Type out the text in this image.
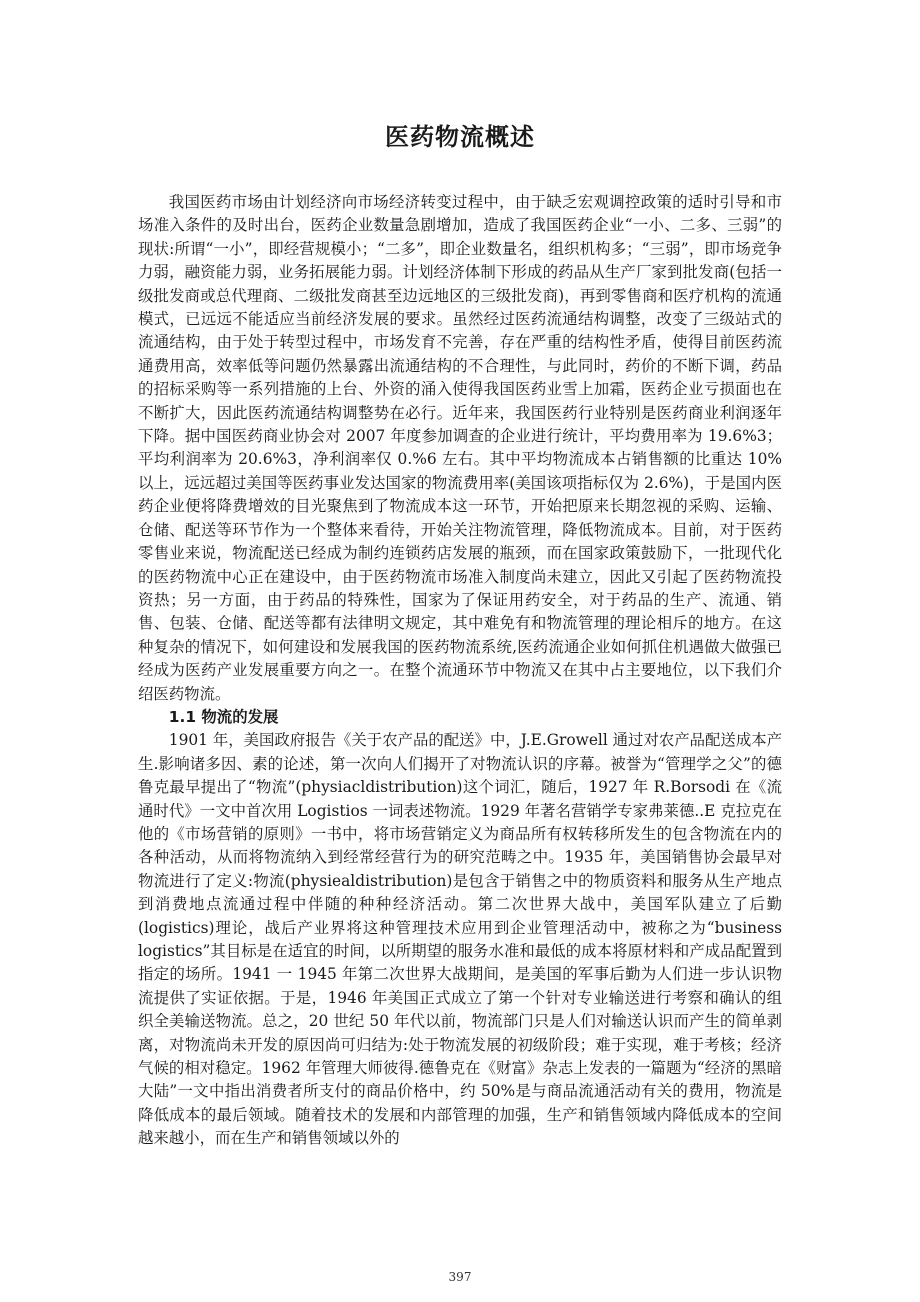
医药物流概述

我国医药市场由计划经济向市场经济转变过程中，由于缺乏宏观调控政策的适时引导和市场准入条件的及时出台，医药企业数量急剧增加，造成了我国医药企业“一小、二多、三弱”的现状:所谓“一小”，即经营规模小；“二多”，即企业数量名，组织机构多；“三弱”，即市场竞争力弱，融资能力弱，业务拓展能力弱。计划经济体制下形成的药品从生产厂家到批发商(包括一级批发商或总代理商、二级批发商甚至边远地区的三级批发商)，再到零售商和医疗机构的流通模式，已远远不能适应当前经济发展的要求。虽然经过医药流通结构调整，改变了三级站式的流通结构，由于处于转型过程中，市场发育不完善，存在严重的结构性矛盾，使得目前医药流通费用高，效率低等问题仍然暴露出流通结构的不合理性，与此同时，药价的不断下调，药品的招标采购等一系列措施的上台、外资的涌入使得我国医药业雪上加霜，医药企业亏损面也在不断扩大，因此医药流通结构调整势在必行。近年来，我国医药行业特别是医药商业利润逐年下降。据中国医药商业协会对 2007 年度参加调查的企业进行统计，平均费用率为 19.6%3；平均利润率为 20.6%3，净利润率仅 0.%6 左右。其中平均物流成本占销售额的比重达 10%以上，远远超过美国等医药事业发达国家的物流费用率(美国该项指标仅为 2.6%)，于是国内医药企业便将降费增效的目光聚焦到了物流成本这一环节，开始把原来长期忽视的采购、运输、仓储、配送等环节作为一个整体来看待，开始关注物流管理，降低物流成本。目前，对于医药零售业来说，物流配送已经成为制约连锁药店发展的瓶颈，而在国家政策鼓励下，一批现代化的医药物流中心正在建设中，由于医药物流市场准入制度尚未建立，因此又引起了医药物流投资热；另一方面，由于药品的特殊性，国家为了保证用药安全，对于药品的生产、流通、销售、包装、仓储、配送等都有法律明文规定，其中难免有和物流管理的理论相斥的地方。在这种复杂的情况下，如何建设和发展我国的医药物流系统,医药流通企业如何抓住机遇做大做强已经成为医药产业发展重要方向之一。在整个流通环节中物流又在其中占主要地位，以下我们介绍医药物流。

1.1 物流的发展

1901 年，美国政府报告《关于农产品的配送》中，J.E.Growell 通过对农产品配送成本产生.影响诸多因、素的论述，第一次向人们揭开了对物流认识的序幕。被誉为“管理学之父”的德鲁克最早提出了“物流”(physiacldistribution)这个词汇，随后，1927 年 R.Borsodi 在《流通时代》一文中首次用 Logistios 一词表述物流。1929 年著名营销学专家弗莱德..E 克拉克在他的《市场营销的原则》一书中，将市场营销定义为商品所有权转移所发生的包含物流在内的各种活动，从而将物流纳入到经常经营行为的研究范畴之中。1935 年，美国销售协会最早对物流进行了定义:物流(physiealdistribution)是包含于销售之中的物质资料和服务从生产地点到消费地点流通过程中伴随的种种经济活动。第二次世界大战中，美国军队建立了后勤(logistics)理论，战后产业界将这种管理技术应用到企业管理活动中，被称之为“business logistics”其目标是在适宜的时间，以所期望的服务水准和最低的成本将原材料和产成品配置到指定的场所。1941 一 1945 年第二次世界大战期间，是美国的军事后勤为人们进一步认识物流提供了实证依据。于是，1946 年美国正式成立了第一个针对专业输送进行考察和确认的组织全美输送物流。总之，20 世纪 50 年代以前，物流部门只是人们对输送认识而产生的简单剥离，对物流尚未开发的原因尚可归结为:处于物流发展的初级阶段；难于实现，难于考核；经济气候的相对稳定。1962 年管理大师彼得.德鲁克在《财富》杂志上发表的一篇题为“经济的黑暗大陆”一文中指出消费者所支付的商品价格中，约 50%是与商品流通活动有关的费用，物流是降低成本的最后领域。随着技术的发展和内部管理的加强，生产和销售领域内降低成本的空间越来越小，而在生产和销售领域以外的

397
